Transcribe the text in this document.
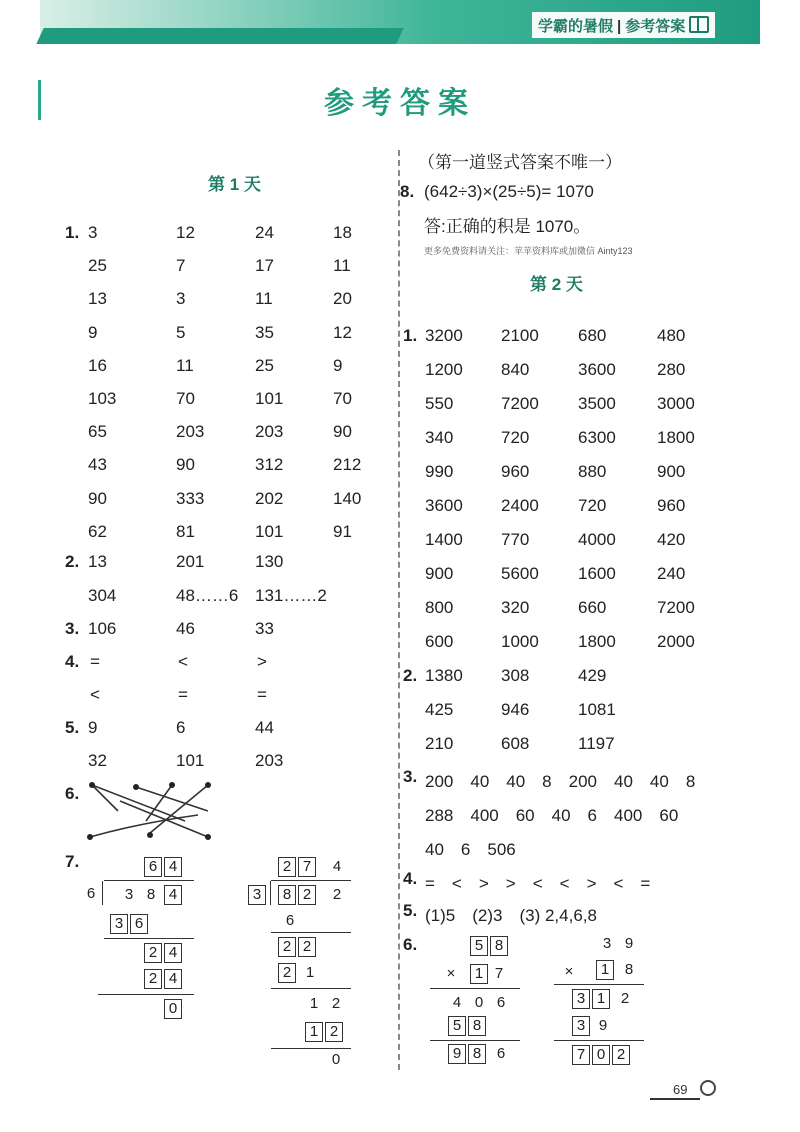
学霸的暑假 | 参考答案
参考答案
第 1 天
1. 3	12	24	18
25	7	17	11
13	3	11	20
9	5	35	12
16	11	25	9
103	70	101	70
65	203	203	90
43	90	312	212
90	333	202	140
62	81	101	91
2. 13	201	130
304	48……6 131……2
3. 106	46	33
4. =	<	>
<	=	=
5. 9	6	44
32	101	203
6.
7.	6 4
6	3 8 4
3 6
2 4
2 4
0
2 7	4
3	8 2	2
6
2 2
2 1
1 2
1 2
0
（第一道竖式答案不唯一）
8. (642÷3)×(25÷5)= 1070
答:正确的积是 1070。
更多免费资料请关注：苹苹资料库或加微信 Ainty123
第 2 天
1. 3200 2100 680	480
1200 840	3600 280
550	7200 3500 3000
340	720	6300 1800
990	960	880	900
3600 2400 720	960
1400 770	4000 420
900	5600 1600 240
800	320	660	7200
600	1000 1800 2000
2. 1380 308	429
425	946	1081
210	608	1197
3. 200　40　40　8　200　40　40　8
288　400　60　40　6　400　60
40　6　506
4. =　<　>　>　<　<　>　<　=
5. (1)5　(2)3　(3) 2,4,6,8
6.	5 8
×	1 7
4 0 6
5 8
9 8	6
3 9
×	1	8
3 1	2
3 9
7 0 2
69
